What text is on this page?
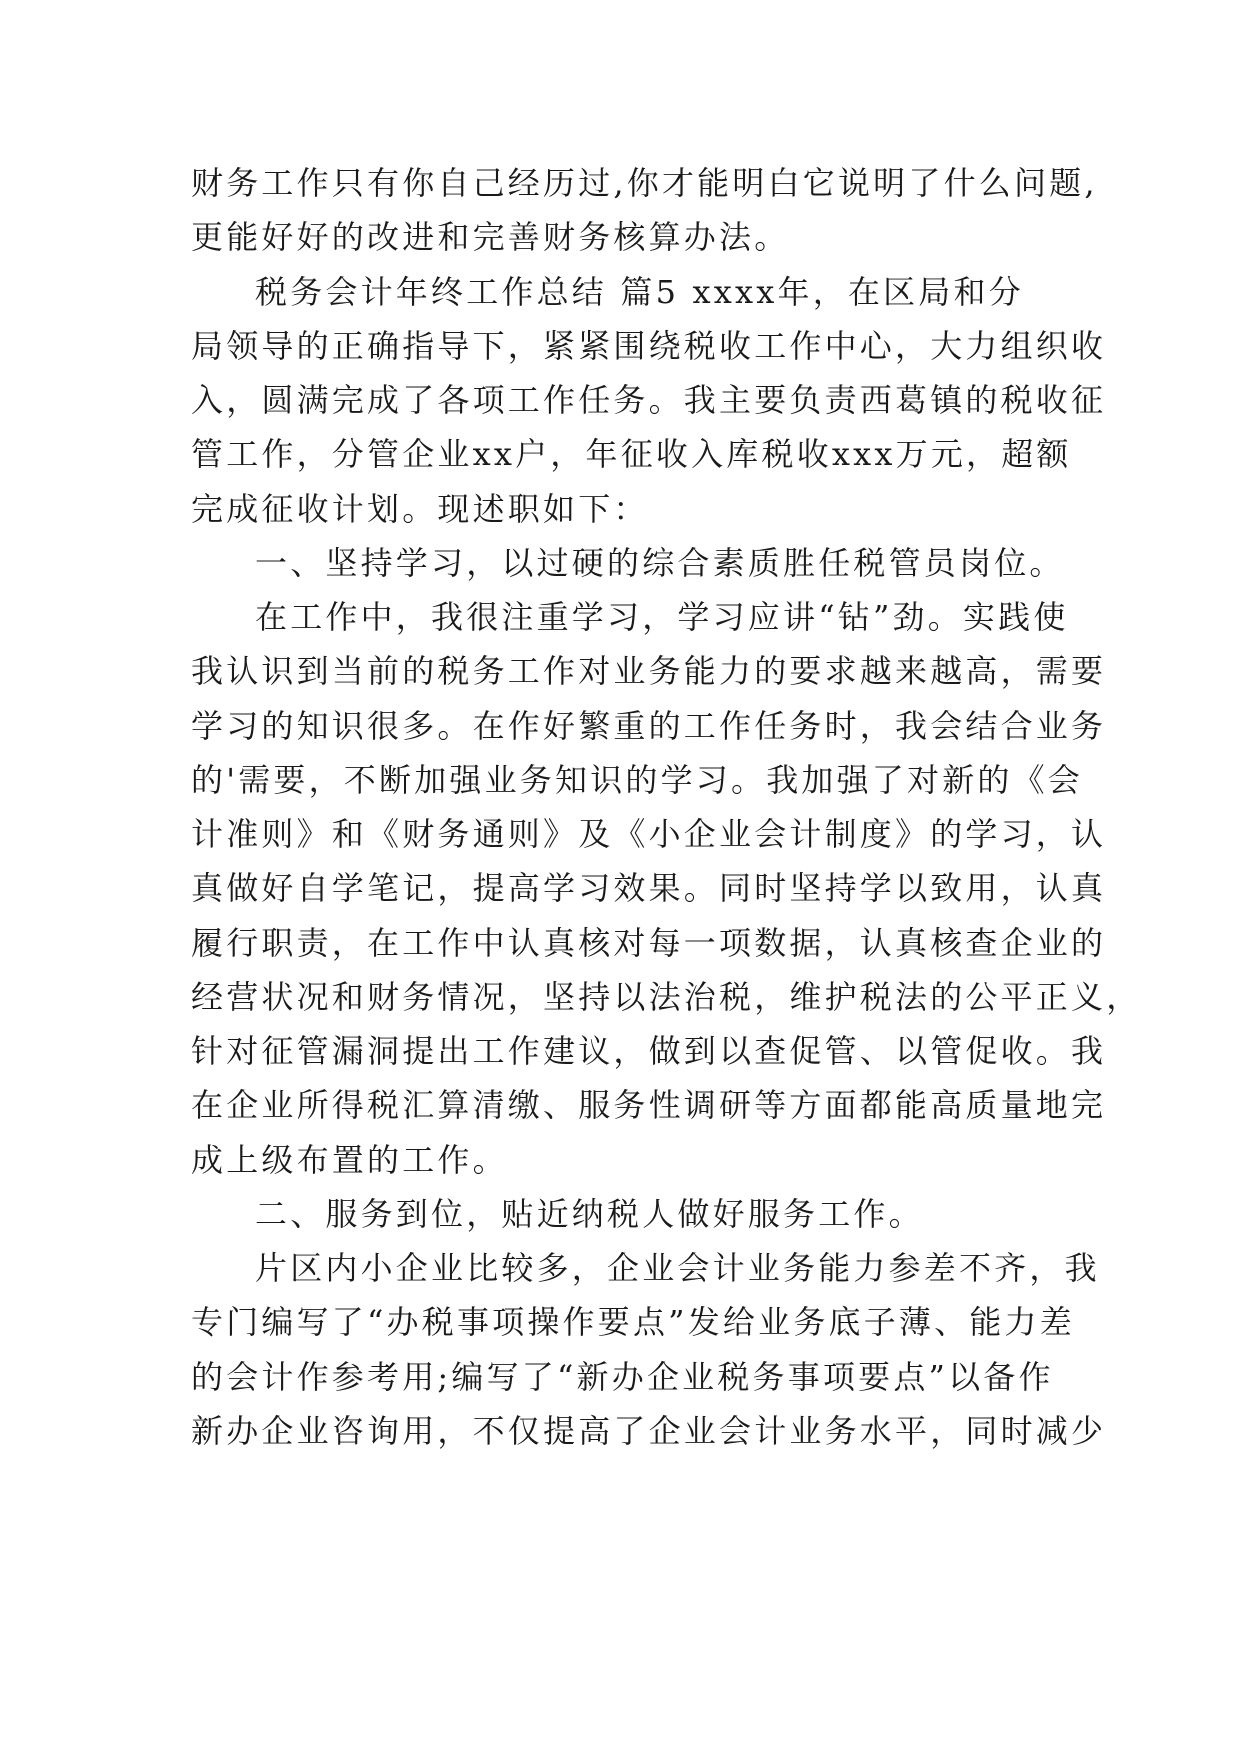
财务工作只有你自己经历过,你才能明白它说明了什么问题,
更能好好的改进和完善财务核算办法。
税务会计年终工作总结 篇5 xxxx年，在区局和分
局领导的正确指导下，紧紧围绕税收工作中心，大力组织收
入，圆满完成了各项工作任务。我主要负责西葛镇的税收征
管工作，分管企业xx户，年征收入库税收xxx万元，超额
完成征收计划。现述职如下：
一、坚持学习，以过硬的综合素质胜任税管员岗位。
在工作中，我很注重学习，学习应讲“钻”劲。实践使
我认识到当前的税务工作对业务能力的要求越来越高，需要
学习的知识很多。在作好繁重的工作任务时，我会结合业务
的'需要，不断加强业务知识的学习。我加强了对新的《会
计准则》和《财务通则》及《小企业会计制度》的学习，认
真做好自学笔记，提高学习效果。同时坚持学以致用，认真
履行职责，在工作中认真核对每一项数据，认真核查企业的
经营状况和财务情况，坚持以法治税，维护税法的公平正义，
针对征管漏洞提出工作建议，做到以查促管、以管促收。我
在企业所得税汇算清缴、服务性调研等方面都能高质量地完
成上级布置的工作。
二、服务到位，贴近纳税人做好服务工作。
片区内小企业比较多，企业会计业务能力参差不齐，我
专门编写了“办税事项操作要点”发给业务底子薄、能力差
的会计作参考用;编写了“新办企业税务事项要点”以备作
新办企业咨询用，不仅提高了企业会计业务水平，同时减少
